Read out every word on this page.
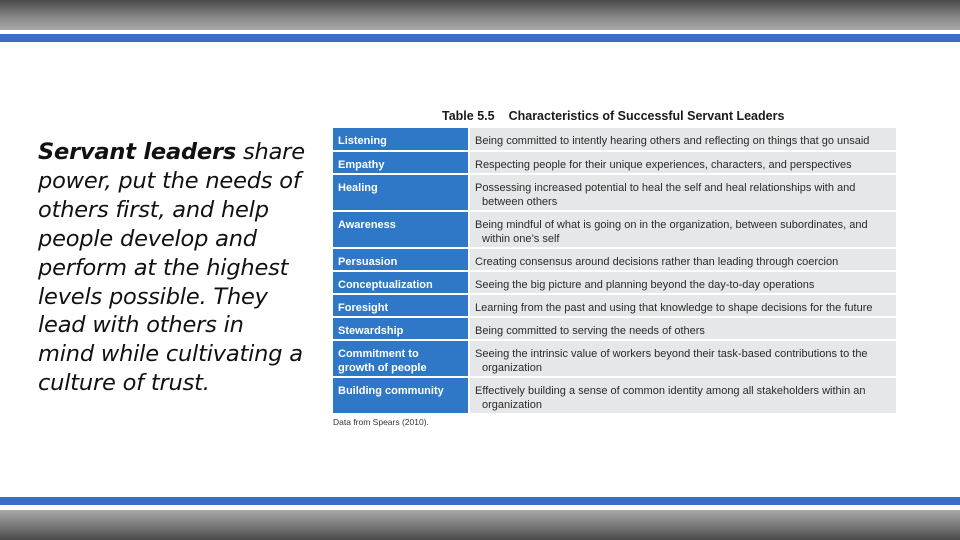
Servant leaders share power, put the needs of others first, and help people develop and perform at the highest levels possible. They lead with others in mind while cultivating a culture of trust.
Table 5.5 Characteristics of Successful Servant Leaders
Listening	Being committed to intently hearing others and reflecting on things that go unsaid
Empathy	Respecting people for their unique experiences, characters, and perspectives
Healing	Possessing increased potential to heal the self and heal relationships with and
between others

Awareness	Being mindful of what is going on in the organization, between subordinates, and
within one’s self

Persuasion	Creating consensus around decisions rather than leading through coercion
Conceptualization	Seeing the big picture and planning beyond the day-to-day operations
Foresight	Learning from the past and using that knowledge to shape decisions for the future
Stewardship	Being committed to serving the needs of others
Commitment to
growth of people	Seeing the intrinsic value of workers beyond their task-based contributions to the
organization

Building community	Effectively building a sense of common identity among all stakeholders within an
organization
Data from Spears (2010).
